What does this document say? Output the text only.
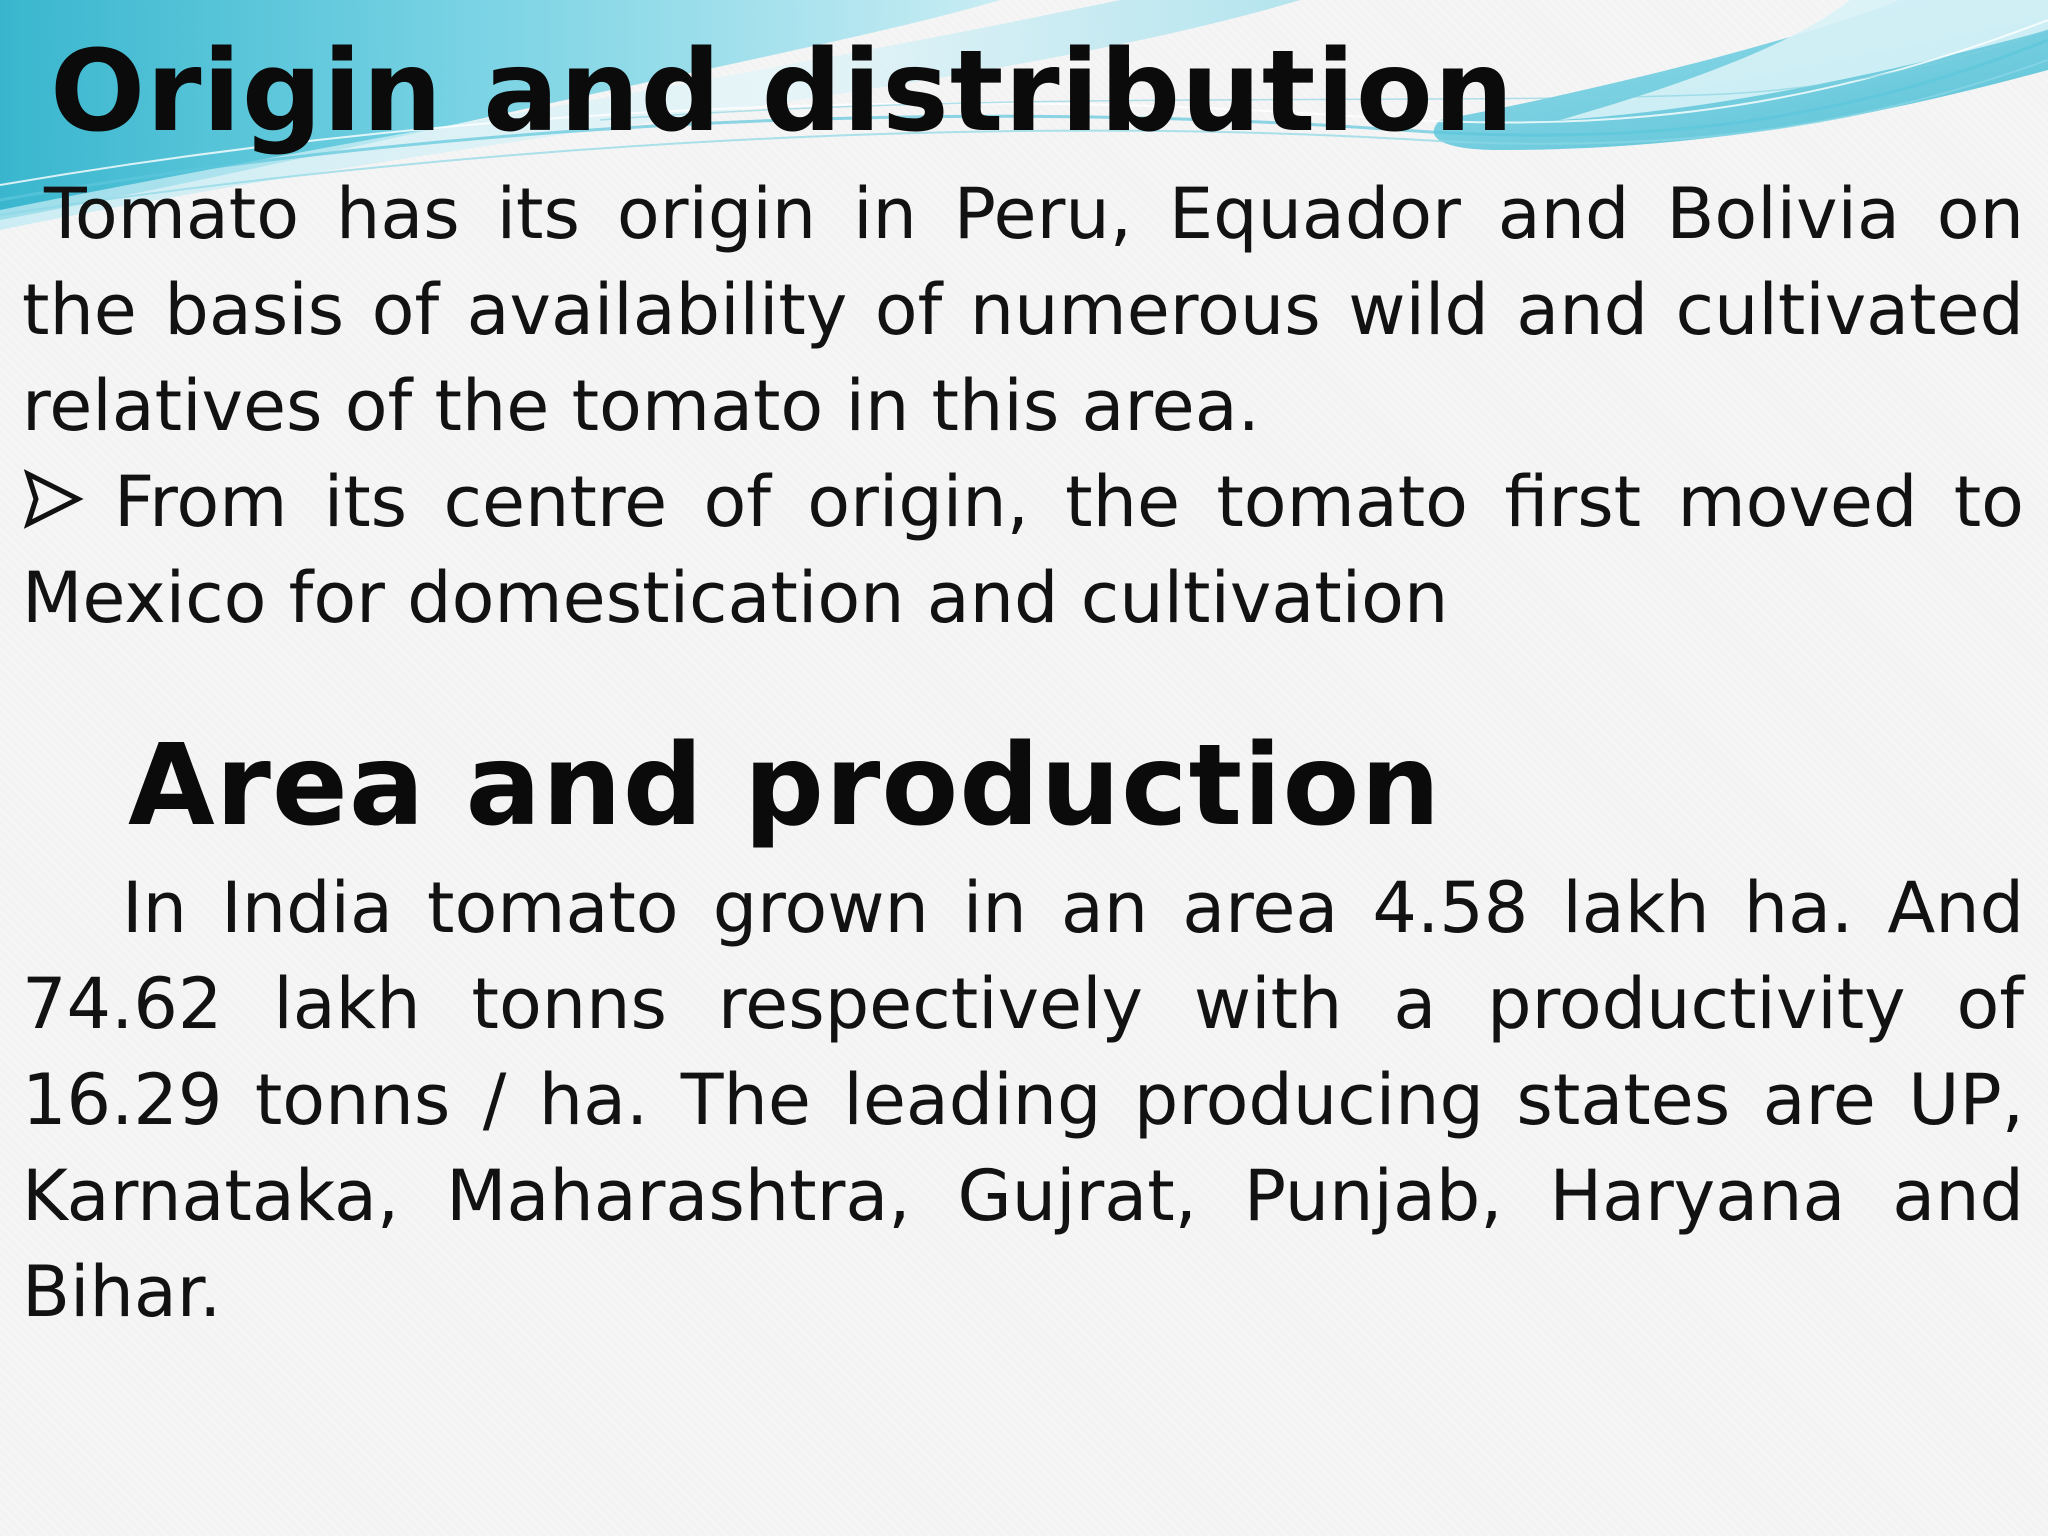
Origin and distribution

Tomato has its origin in Peru, Equador and Bolivia on the basis of availability of numerous wild and cultivated relatives of the tomato in this area.

From its centre of origin, the tomato first moved to Mexico for domestication and cultivation

Area and production

In India tomato grown in an area 4.58 lakh ha. And 74.62 lakh tonns respectively with a productivity of 16.29 tonns / ha. The leading producing states are UP, Karnataka, Maharashtra, Gujrat, Punjab, Haryana and Bihar.
